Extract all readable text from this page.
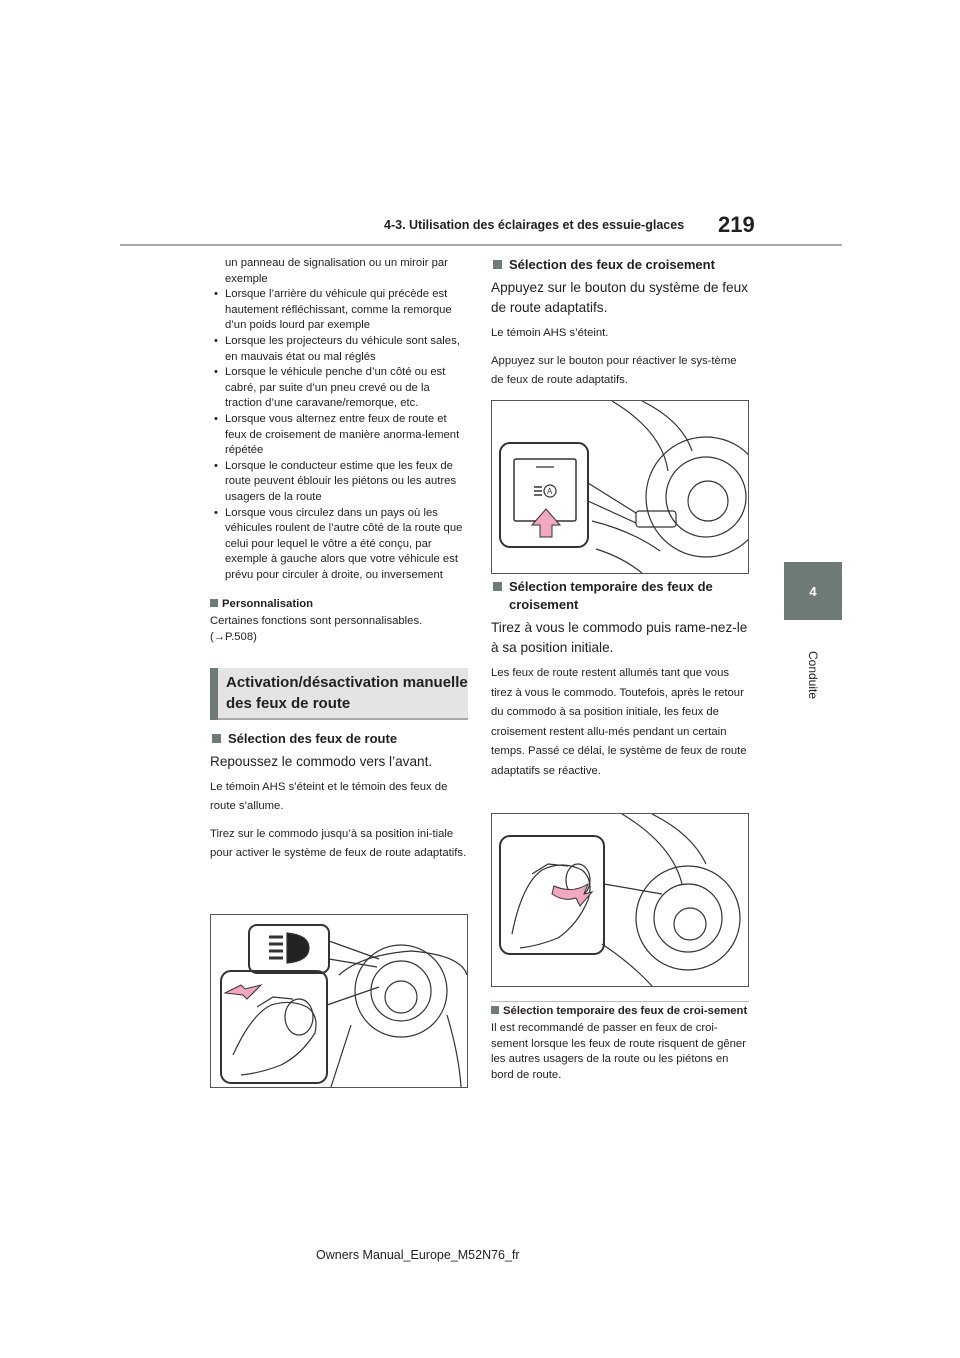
4-3. Utilisation des éclairages et des essuie-glaces 219
4
Conduite

un panneau de signalisation ou un miroir par exemple

• Lorsque l’arrière du véhicule qui précède est hautement réfléchissant, comme la remorque d’un poids lourd par exemple
• Lorsque les projecteurs du véhicule sont sales, en mauvais état ou mal réglés
• Lorsque le véhicule penche d’un côté ou est cabré, par suite d’un pneu crevé ou de la traction d’une caravane/remorque, etc.
• Lorsque vous alternez entre feux de route et feux de croisement de manière anorma-lement répétée
• Lorsque le conducteur estime que les feux de route peuvent éblouir les piétons ou les autres usagers de la route
• Lorsque vous circulez dans un pays où les véhicules roulent de l’autre côté de la route que celui pour lequel le vôtre a été conçu, par exemple à gauche alors que votre véhicule est prévu pour circuler à droite, ou inversement
Personnalisation

Certaines fonctions sont personnalisables. (→P.508)

Activation/désactivation manuelle des feux de route
Sélection des feux de route

Repoussez le commodo vers l’avant.

Le témoin AHS s’éteint et le témoin des feux de route s’allume.

Tirez sur le commodo jusqu’à sa position ini-tiale pour activer le système de feux de route adaptatifs.

Sélection des feux de croisement

Appuyez sur le bouton du système de feux de route adaptatifs.

Le témoin AHS s’éteint.

Appuyez sur le bouton pour réactiver le sys-tème de feux de route adaptatifs.

A
Sélection temporaire des feux de croisement

Tirez à vous le commodo puis rame-nez-le à sa position initiale.

Les feux de route restent allumés tant que vous tirez à vous le commodo. Toutefois, après le retour du commodo à sa position initiale, les feux de croisement restent allu-més pendant un certain temps. Passé ce délai, le système de feux de route adaptatifs se réactive.

Sélection temporaire des feux de croi-sement

Il est recommandé de passer en feux de croi-sement lorsque les feux de route risquent de gêner les autres usagers de la route ou les piétons en bord de route.

Owners Manual_Europe_M52N76_fr
